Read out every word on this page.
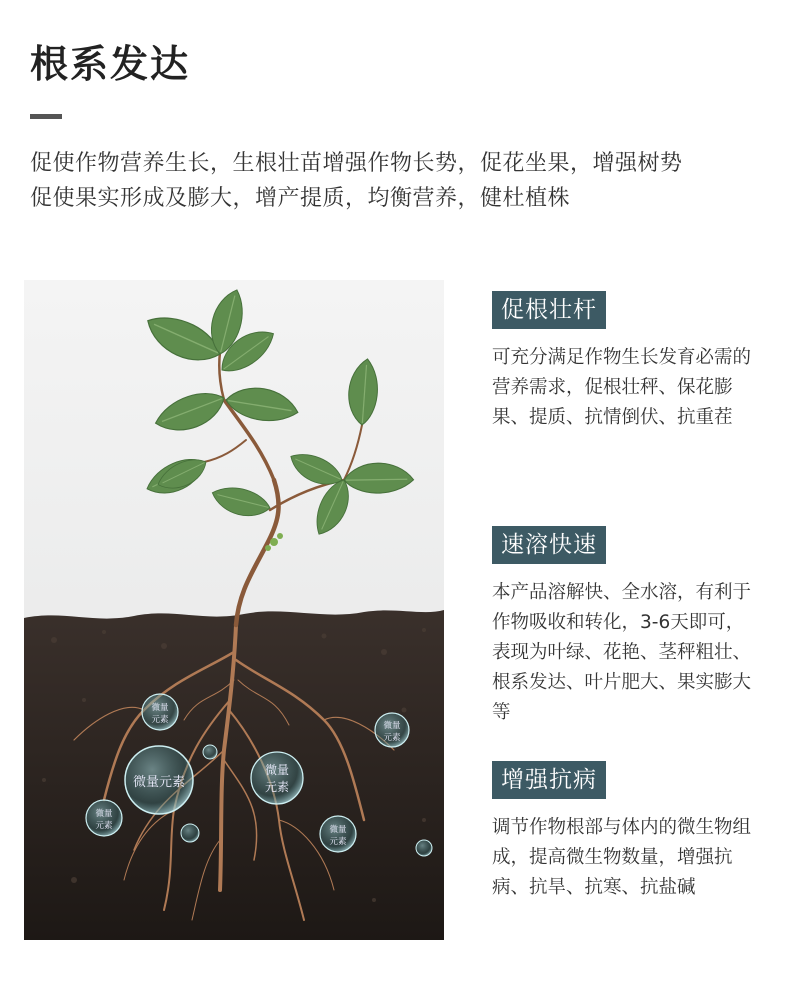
根系发达

促使作物营养生长，生根壮苗增强作物长势，促花坐果，增强树势
促使果实形成及膨大，增产提质，均衡营养，健杜植株

微量元素
微量
元素
微量
元素
微量
元素
微量
元素
微量
元素
促根壮杆

可充分满足作物生长发育必需的营养需求，促根壮秤、保花膨果、提质、抗情倒伏、抗重茬

速溶快速

本产品溶解快、全水溶，有利于作物吸收和转化，3-6天即可，表现为叶绿、花艳、茎秤粗壮、根系发达、叶片肥大、果实膨大等

增强抗病

调节作物根部与体内的微生物组成，提高微生物数量，增强抗病、抗旱、抗寒、抗盐碱
